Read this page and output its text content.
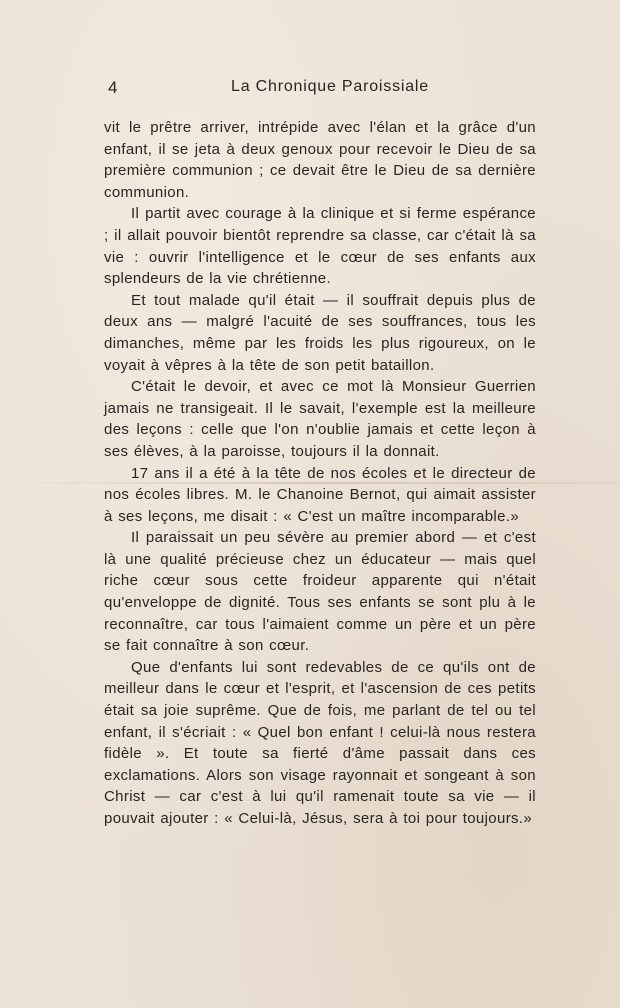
4	La Chronique Paroissiale

vit le prêtre arriver, intrépide avec l'élan et la grâce d'un enfant, il se jeta à deux genoux pour recevoir le Dieu de sa première communion ; ce devait être le Dieu de sa dernière communion.

Il partit avec courage à la clinique et si ferme espérance ; il allait pouvoir bientôt reprendre sa classe, car c'était là sa vie : ouvrir l'intelligence et le cœur de ses enfants aux splendeurs de la vie chrétienne.

Et tout malade qu'il était — il souffrait depuis plus de deux ans — malgré l'acuité de ses souffrances, tous les dimanches, même par les froids les plus rigoureux, on le voyait à vêpres à la tête de son petit bataillon.

C'était le devoir, et avec ce mot là Monsieur Guerrien jamais ne transigeait. Il le savait, l'exemple est la meilleure des leçons : celle que l'on n'oublie jamais et cette leçon à ses élèves, à la paroisse, toujours il la donnait.

17 ans il a été à la tête de nos écoles et le directeur de nos écoles libres. M. le Chanoine Bernot, qui aimait assister à ses leçons, me disait : « C'est un maître incomparable.»

Il paraissait un peu sévère au premier abord — et c'est là une qualité précieuse chez un éducateur — mais quel riche cœur sous cette froideur apparente qui n'était qu'enveloppe de dignité. Tous ses enfants se sont plu à le reconnaître, car tous l'aimaient comme un père et un père se fait connaître à son cœur.

Que d'enfants lui sont redevables de ce qu'ils ont de meilleur dans le cœur et l'esprit, et l'ascension de ces petits était sa joie suprême. Que de fois, me parlant de tel ou tel enfant, il s'écriait : « Quel bon enfant ! celui-là nous restera fidèle ». Et toute sa fierté d'âme passait dans ces exclamations. Alors son visage rayonnait et songeant à son Christ — car c'est à lui qu'il ramenait toute sa vie — il pouvait ajouter : « Celui-là, Jésus, sera à toi pour toujours.»
